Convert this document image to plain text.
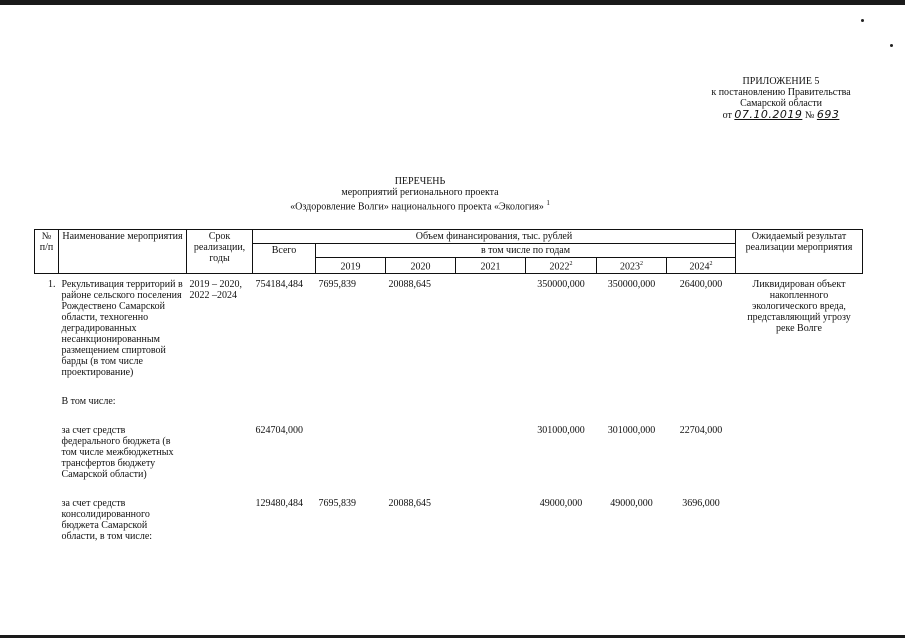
ПРИЛОЖЕНИЕ 5
к постановлению Правительства
Самарской области
от 07.10.2019 № 693
ПЕРЕЧЕНЬ
мероприятий регионального проекта
«Оздоровление Волги» национального проекта «Экология» $^1$
№ п/п	Наименование мероприятия	Срок реализации, годы	Объем финансирования, тыс. рублей							Ожидаемый результат реализации мероприятия
			Всего	в том числе по годам						
				2019	2020	2021	2022$^2$	2023$^2$	2024$^2$
1.	Рекультивация территорий в районе сельского поселения Рождествено Самарской области, техногенно деградированных несанкционированным размещением спиртовой барды (в том числе проектирование)	2019 – 2020, 2022 –2024	754184,484	7695,839	20088,645		350000,000	350000,000	26400,000	Ликвидирован объект накопленного экологического вреда, представляющий угрозу реке Волге

	В том числе:									

	за счет средств федерального бюджета (в том числе межбюджетных трансфертов бюджету Самарской области)		624704,000				301000,000	301000,000	22704,000	

	за счет средств консолидированного бюджета Самарской области, в том числе:		129480,484	7695,839	20088,645		49000,000	49000,000	3696,000	
